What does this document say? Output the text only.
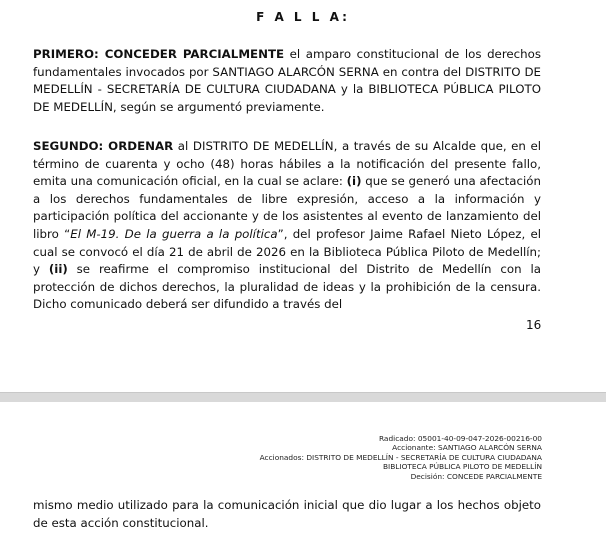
F A L L A:

PRIMERO: CONCEDER PARCIALMENTE el amparo constitucional de los derechos fundamentales invocados por SANTIAGO ALARCÓN SERNA en contra del DISTRITO DE MEDELLÍN - SECRETARÍA DE CULTURA CIUDADANA y la BIBLIOTECA PÚBLICA PILOTO DE MEDELLÍN, según se argumentó previamente.

SEGUNDO: ORDENAR al DISTRITO DE MEDELLÍN, a través de su Alcalde que, en el término de cuarenta y ocho (48) horas hábiles a la notificación del presente fallo, emita una comunicación oficial, en la cual se aclare: (i) que se generó una afectación a los derechos fundamentales de libre expresión, acceso a la información y participación política del accionante y de los asistentes al evento de lanzamiento del libro “El M-19. De la guerra a la política”, del profesor Jaime Rafael Nieto López, el cual se convocó el día 21 de abril de 2026 en la Biblioteca Pública Piloto de Medellín; y (ii) se reafirme el compromiso institucional del Distrito de Medellín con la protección de dichos derechos, la pluralidad de ideas y la prohibición de la censura. Dicho comunicado deberá ser difundido a través del

16
Radicado: 05001-40-09-047-2026-00216-00
Accionante: SANTIAGO ALARCÓN SERNA
Accionados: DISTRITO DE MEDELLÍN - SECRETARÍA DE CULTURA CIUDADANA
BIBLIOTECA PÚBLICA PILOTO DE MEDELLÍN
Decisión: CONCEDE PARCIALMENTE

mismo medio utilizado para la comunicación inicial que dio lugar a los hechos objeto de esta acción constitucional.
